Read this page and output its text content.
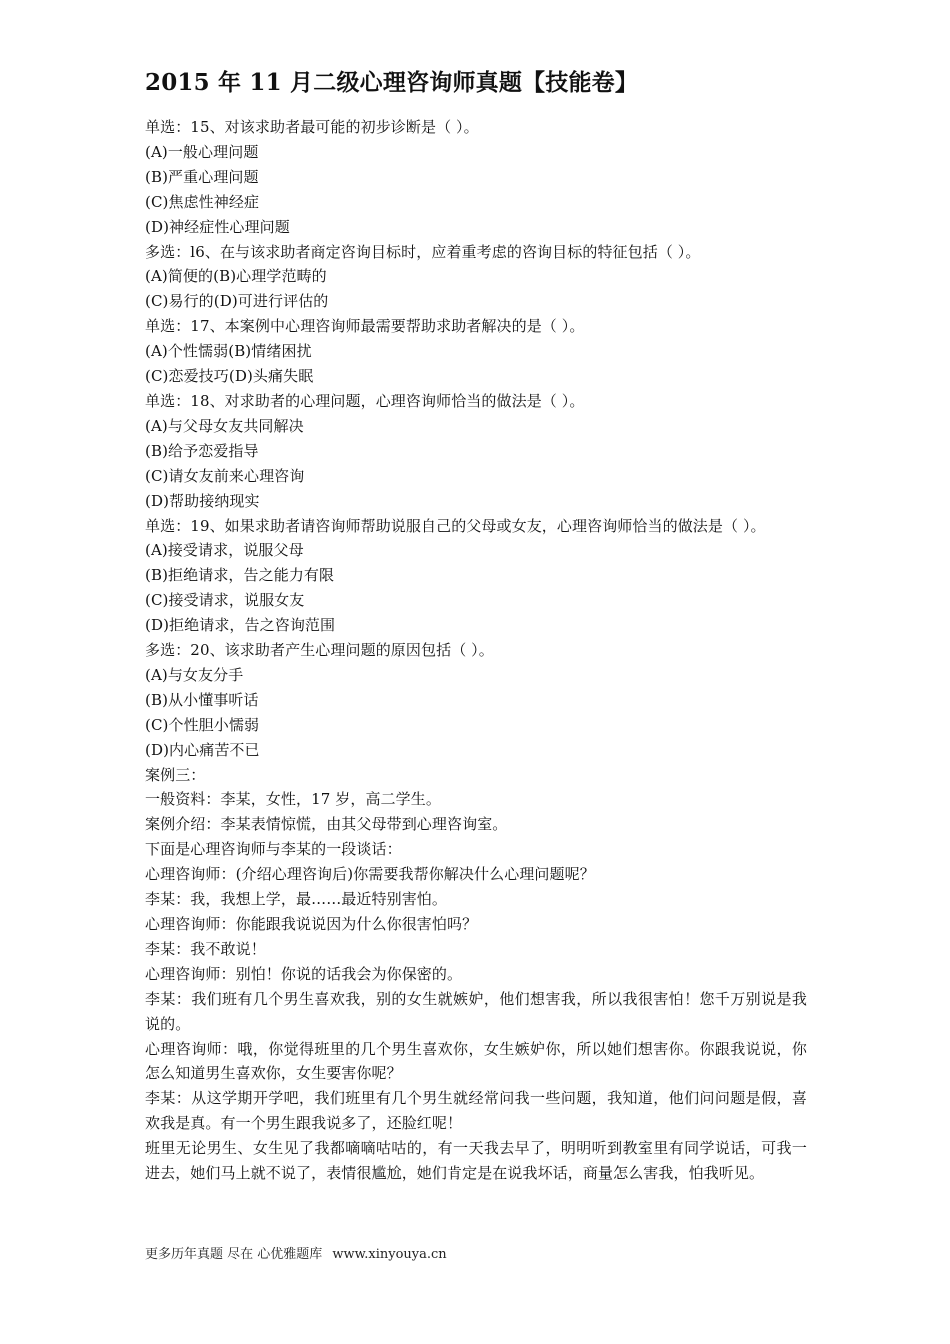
2015 年 11 月二级心理咨询师真题【技能卷】

单选：15、对该求助者最可能的初步诊断是（ ）。

(A)一般心理问题

(B)严重心理问题

(C)焦虑性神经症

(D)神经症性心理问题

多选：l6、在与该求助者商定咨询目标时，应着重考虑的咨询目标的特征包括（ ）。

(A)简便的(B)心理学范畴的

(C)易行的(D)可进行评估的

单选：17、本案例中心理咨询师最需要帮助求助者解决的是（ ）。

(A)个性懦弱(B)情绪困扰

(C)恋爱技巧(D)头痛失眠

单选：18、对求助者的心理问题，心理咨询师恰当的做法是（ ）。

(A)与父母女友共同解决

(B)给予恋爱指导

(C)请女友前来心理咨询

(D)帮助接纳现实

单选：19、如果求助者请咨询师帮助说服自己的父母或女友，心理咨询师恰当的做法是（ ）。

(A)接受请求，说服父母

(B)拒绝请求，告之能力有限

(C)接受请求，说服女友

(D)拒绝请求，告之咨询范围

多选：20、该求助者产生心理问题的原因包括（ ）。

(A)与女友分手

(B)从小懂事听话

(C)个性胆小懦弱

(D)内心痛苦不已

案例三：

一般资料：李某，女性，17 岁，高二学生。

案例介绍：李某表情惊慌，由其父母带到心理咨询室。

下面是心理咨询师与李某的一段谈话：

心理咨询师：(介绍心理咨询后)你需要我帮你解决什么心理问题呢？

李某：我，我想上学，最……最近特别害怕。

心理咨询师：你能跟我说说因为什么你很害怕吗？

李某：我不敢说！

心理咨询师：别怕！你说的话我会为你保密的。

李某：我们班有几个男生喜欢我，别的女生就嫉妒，他们想害我，所以我很害怕！您千万别说是我说的。

心理咨询师：哦，你觉得班里的几个男生喜欢你，女生嫉妒你，所以她们想害你。你跟我说说，你怎么知道男生喜欢你，女生要害你呢？

李某：从这学期开学吧，我们班里有几个男生就经常问我一些问题，我知道，他们问问题是假，喜欢我是真。有一个男生跟我说多了，还脸红呢！

班里无论男生、女生见了我都嘀嘀咕咕的，有一天我去早了，明明听到教室里有同学说话，可我一进去，她们马上就不说了，表情很尴尬，她们肯定是在说我坏话，商量怎么害我，怕我听见。

更多历年真题 尽在 心优雅题库 www.xinyouya.cn
